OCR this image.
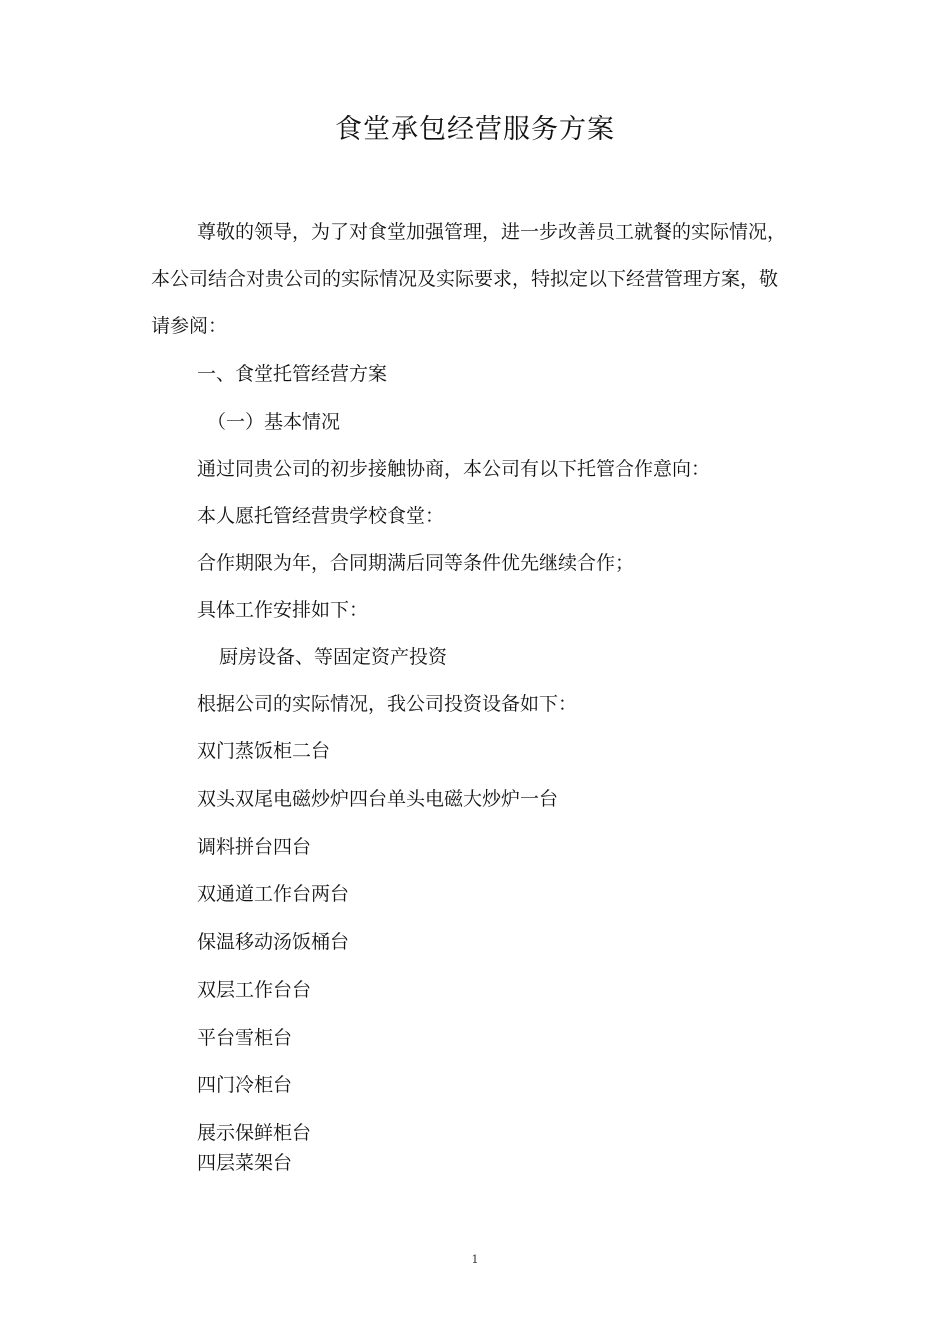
食堂承包经营服务方案
尊敬的领导，为了对食堂加强管理，进一步改善员工就餐的实际情况，
本公司结合对贵公司的实际情况及实际要求，特拟定以下经营管理方案，敬
请参阅：
一、食堂托管经营方案
（一）基本情况
通过同贵公司的初步接触协商，本公司有以下托管合作意向：
本人愿托管经营贵学校食堂：
合作期限为年，合同期满后同等条件优先继续合作；
具体工作安排如下：
厨房设备、等固定资产投资
根据公司的实际情况，我公司投资设备如下：
双门蒸饭柜二台
双头双尾电磁炒炉四台单头电磁大炒炉一台
调料拼台四台
双通道工作台两台
保温移动汤饭桶台
双层工作台台
平台雪柜台
四门冷柜台
展示保鲜柜台
四层菜架台
1
